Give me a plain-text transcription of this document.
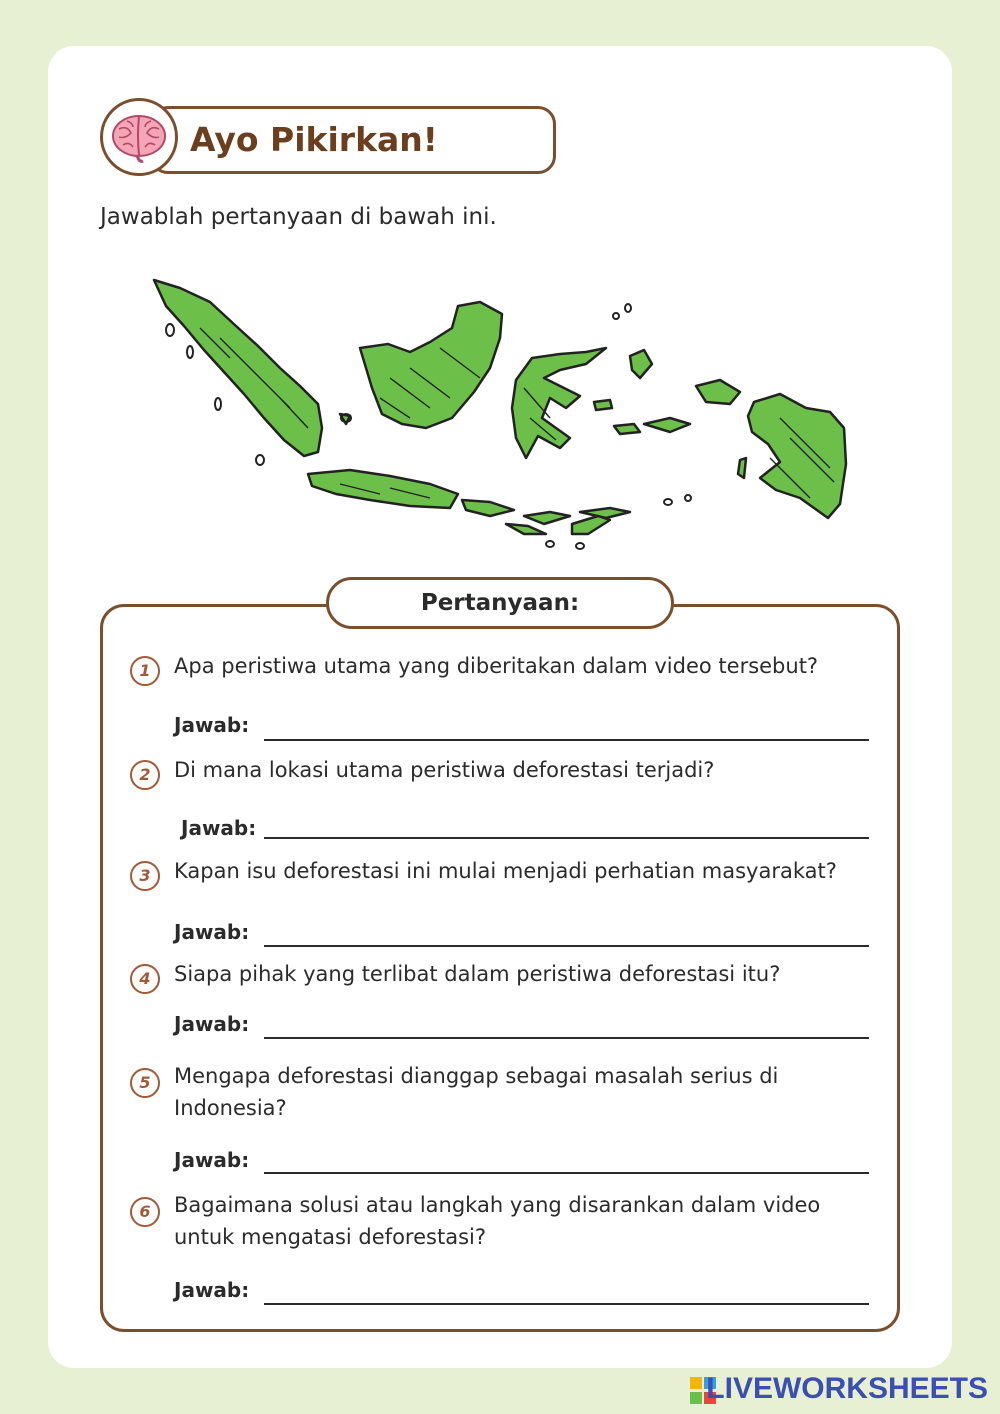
Ayo Pikirkan!
Jawablah pertanyaan di bawah ini.
Pertanyaan:
1	Apa peristiwa utama yang diberitakan dalam video tersebut?
Jawab:
2	Di mana lokasi utama peristiwa deforestasi terjadi?
Jawab:
3	Kapan isu deforestasi ini mulai menjadi perhatian masyarakat?
Jawab:
4	Siapa pihak yang terlibat dalam peristiwa deforestasi itu?
Jawab:
5	Mengapa deforestasi dianggap sebagai masalah serius di Indonesia?
Jawab:
6	Bagaimana solusi atau langkah yang disarankan dalam video untuk mengatasi deforestasi?
Jawab:
LIVEWORKSHEETS
